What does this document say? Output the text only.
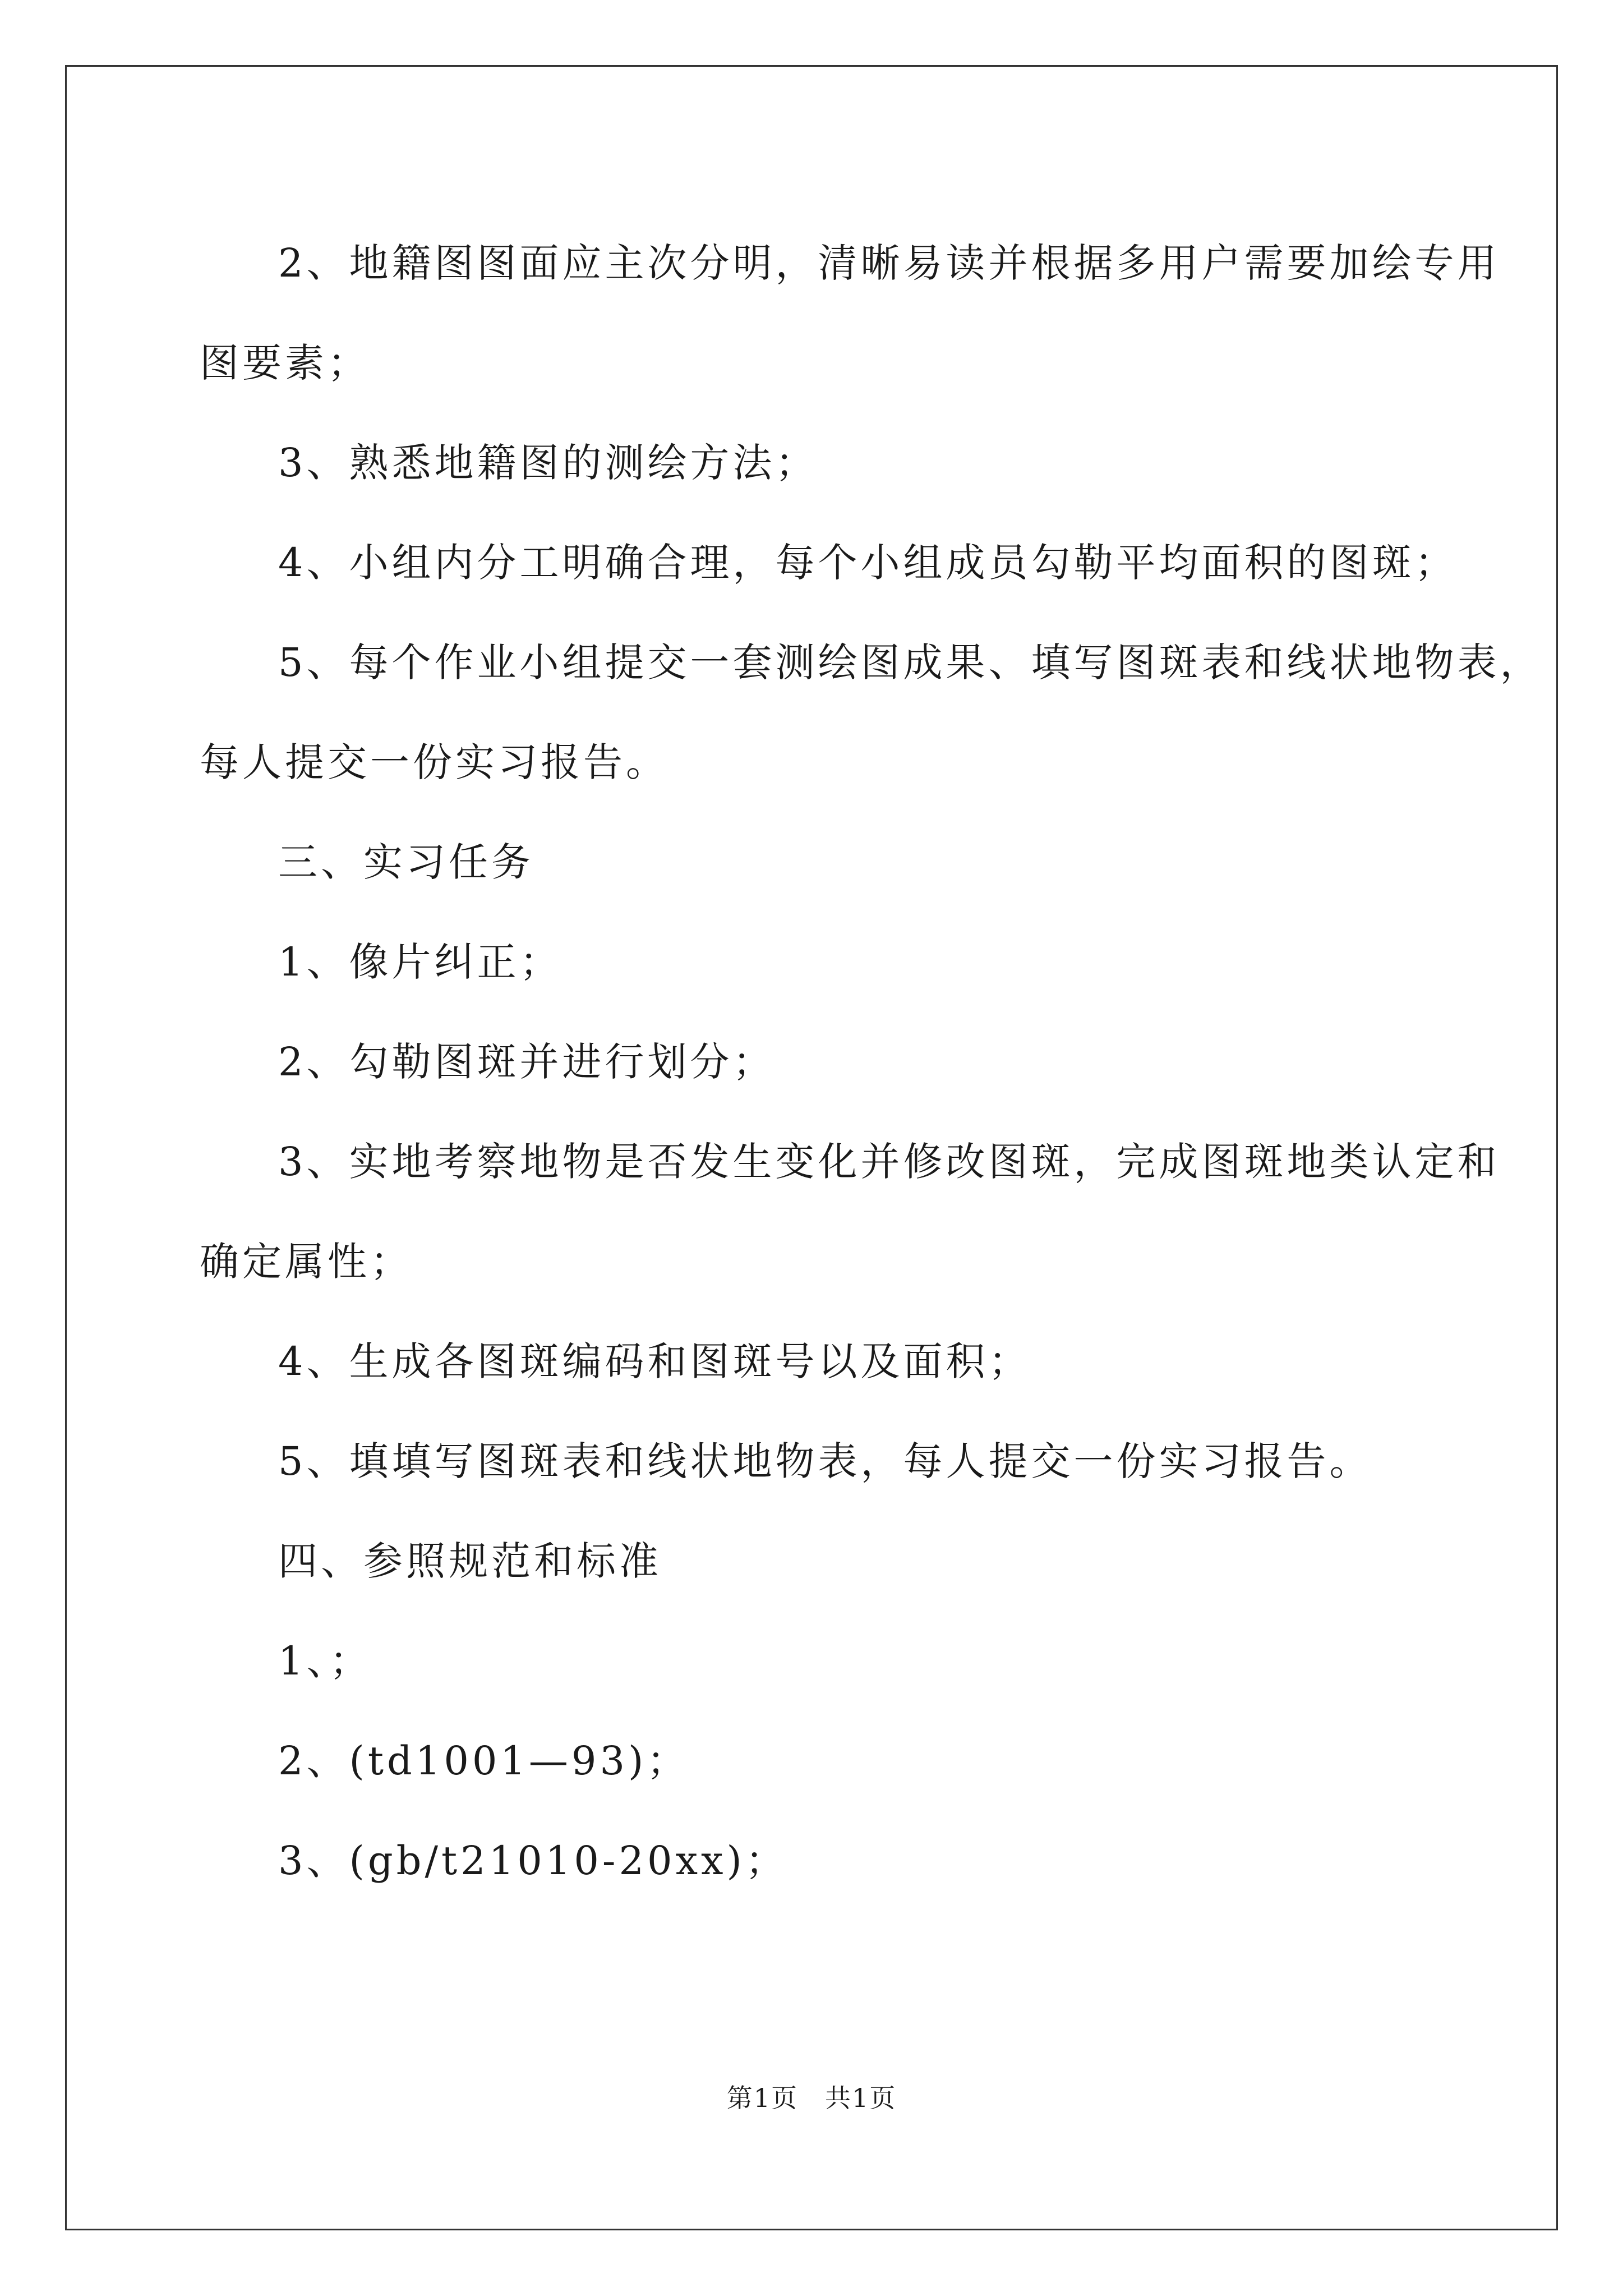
2、地籍图图面应主次分明，清晰易读并根据多用户需要加绘专用

图要素；

3、熟悉地籍图的测绘方法；

4、小组内分工明确合理，每个小组成员勾勒平均面积的图斑；

5、每个作业小组提交一套测绘图成果、填写图斑表和线状地物表，

每人提交一份实习报告。

三、实习任务

1、像片纠正；

2、勾勒图斑并进行划分；

3、实地考察地物是否发生变化并修改图斑，完成图斑地类认定和

确定属性；

4、生成各图斑编码和图斑号以及面积；

5、填填写图斑表和线状地物表，每人提交一份实习报告。

四、参照规范和标准

1、；

2、(td1001—93)；

3、(gb/t21010-20xx)；

第1页　共1页
